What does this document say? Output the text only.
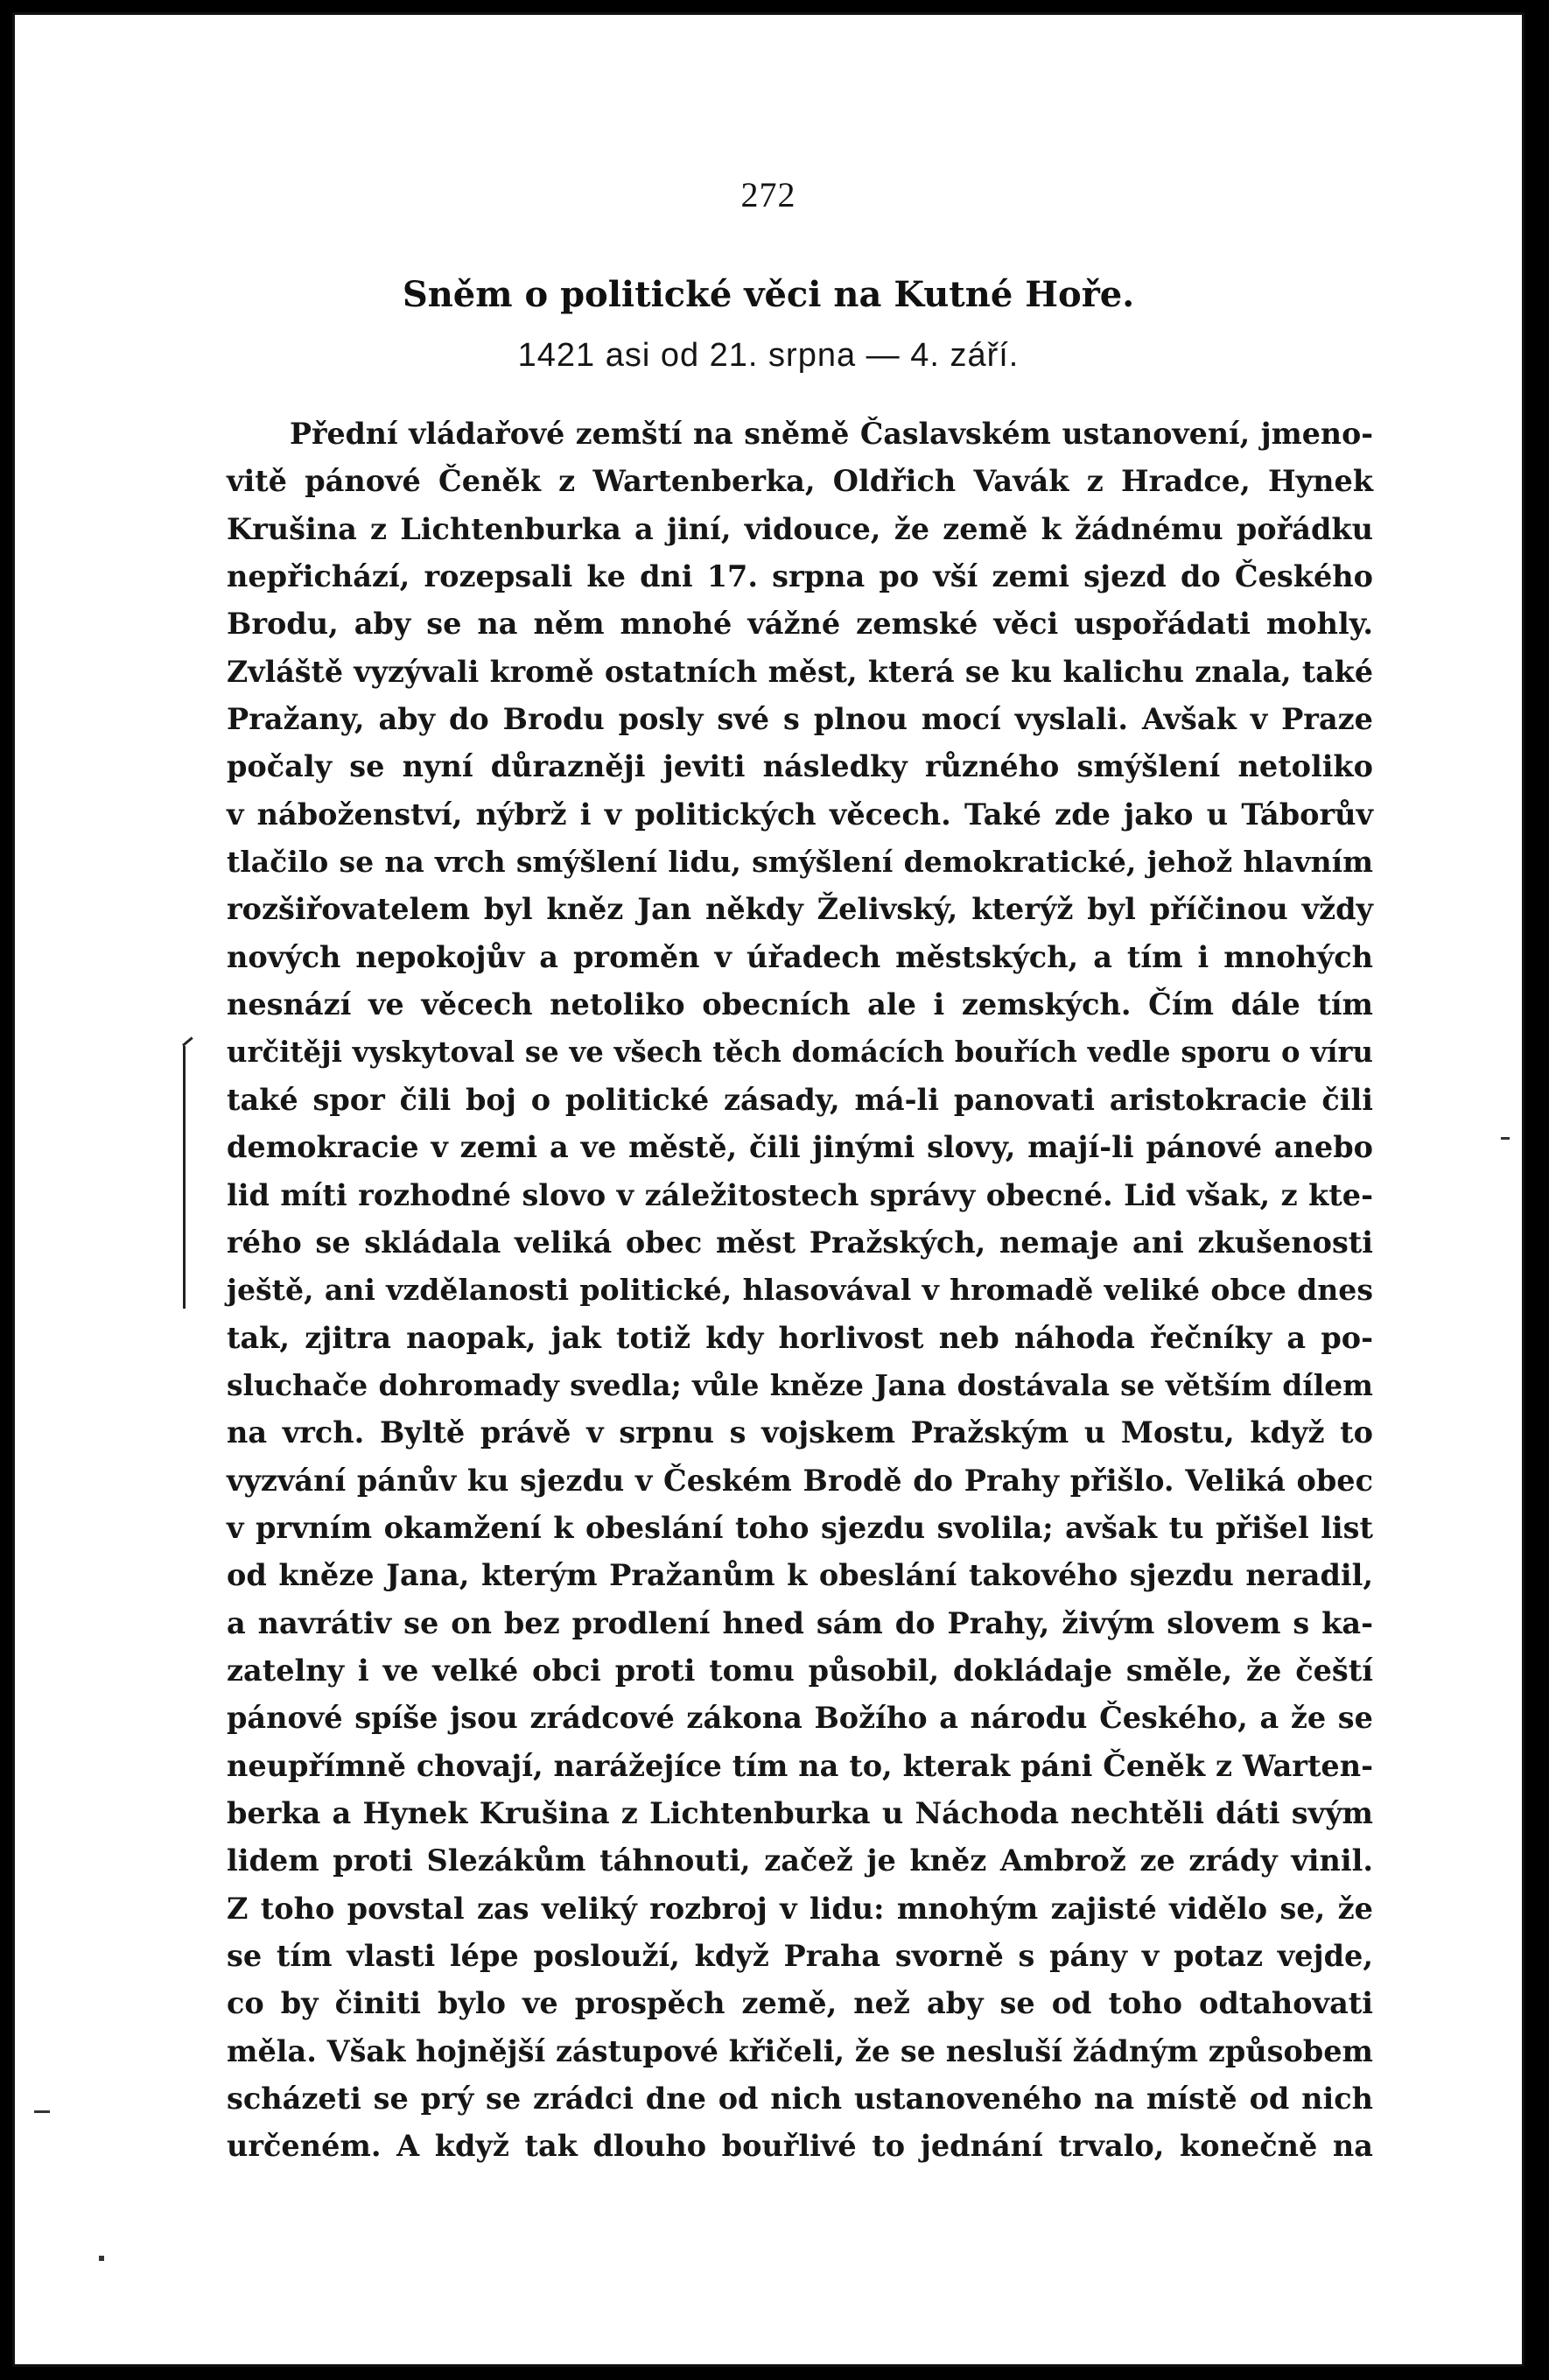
272
Sněm o politické věci na Kutné Hoře.
1421 asi od 21. srpna — 4. září.
Přední vládařové zemští na sněmě Časlavském ustanovení, jmeno-
vitě pánové Čeněk z Wartenberka, Oldřich Vavák z Hradce, Hynek
Krušina z Lichtenburka a jiní, vidouce, že země k žádnému pořádku
nepřichází, rozepsali ke dni 17. srpna po vší zemi sjezd do Českého
Brodu, aby se na něm mnohé vážné zemské věci uspořádati mohly.
Zvláště vyzývali kromě ostatních měst, která se ku kalichu znala, také
Pražany, aby do Brodu posly své s plnou mocí vyslali. Avšak v Praze
počaly se nyní důrazněji jeviti následky různého smýšlení netoliko
v náboženství, nýbrž i v politických věcech. Také zde jako u Táborův
tlačilo se na vrch smýšlení lidu, smýšlení demokratické, jehož hlavním
rozšiřovatelem byl kněz Jan někdy Želivský, kterýž byl příčinou vždy
nových nepokojův a proměn v úřadech městských, a tím i mnohých
nesnází ve věcech netoliko obecních ale i zemských. Čím dále tím
určitěji vyskytoval se ve všech těch domácích bouřích vedle sporu o víru
také spor čili boj o politické zásady, má-li panovati aristokracie čili
demokracie v zemi a ve městě, čili jinými slovy, mají-li pánové anebo
lid míti rozhodné slovo v záležitostech správy obecné. Lid však, z kte-
rého se skládala veliká obec měst Pražských, nemaje ani zkušenosti
ještě, ani vzdělanosti politické, hlasovával v hromadě veliké obce dnes
tak, zjitra naopak, jak totiž kdy horlivost neb náhoda řečníky a po-
sluchače dohromady svedla; vůle kněze Jana dostávala se větším dílem
na vrch. Byltě právě v srpnu s vojskem Pražským u Mostu, když to
vyzvání pánův ku sjezdu v Českém Brodě do Prahy přišlo. Veliká obec
v prvním okamžení k obeslání toho sjezdu svolila; avšak tu přišel list
od kněze Jana, kterým Pražanům k obeslání takového sjezdu neradil,
a navrátiv se on bez prodlení hned sám do Prahy, živým slovem s ka-
zatelny i ve velké obci proti tomu působil, dokládaje směle, že čeští
pánové spíše jsou zrádcové zákona Božího a národu Českého, a že se
neupřímně chovají, narážejíce tím na to, kterak páni Čeněk z Warten-
berka a Hynek Krušina z Lichtenburka u Náchoda nechtěli dáti svým
lidem proti Slezákům táhnouti, začež je kněz Ambrož ze zrády vinil.
Z toho povstal zas veliký rozbroj v lidu: mnohým zajisté vidělo se, že
se tím vlasti lépe poslouží, když Praha svorně s pány v potaz vejde,
co by činiti bylo ve prospěch země, než aby se od toho odtahovati
měla. Však hojnější zástupové křičeli, že se nesluší žádným způsobem
scházeti se prý se zrádci dne od nich ustanoveného na místě od nich
určeném. A když tak dlouho bouřlivé to jednání trvalo, konečně na
